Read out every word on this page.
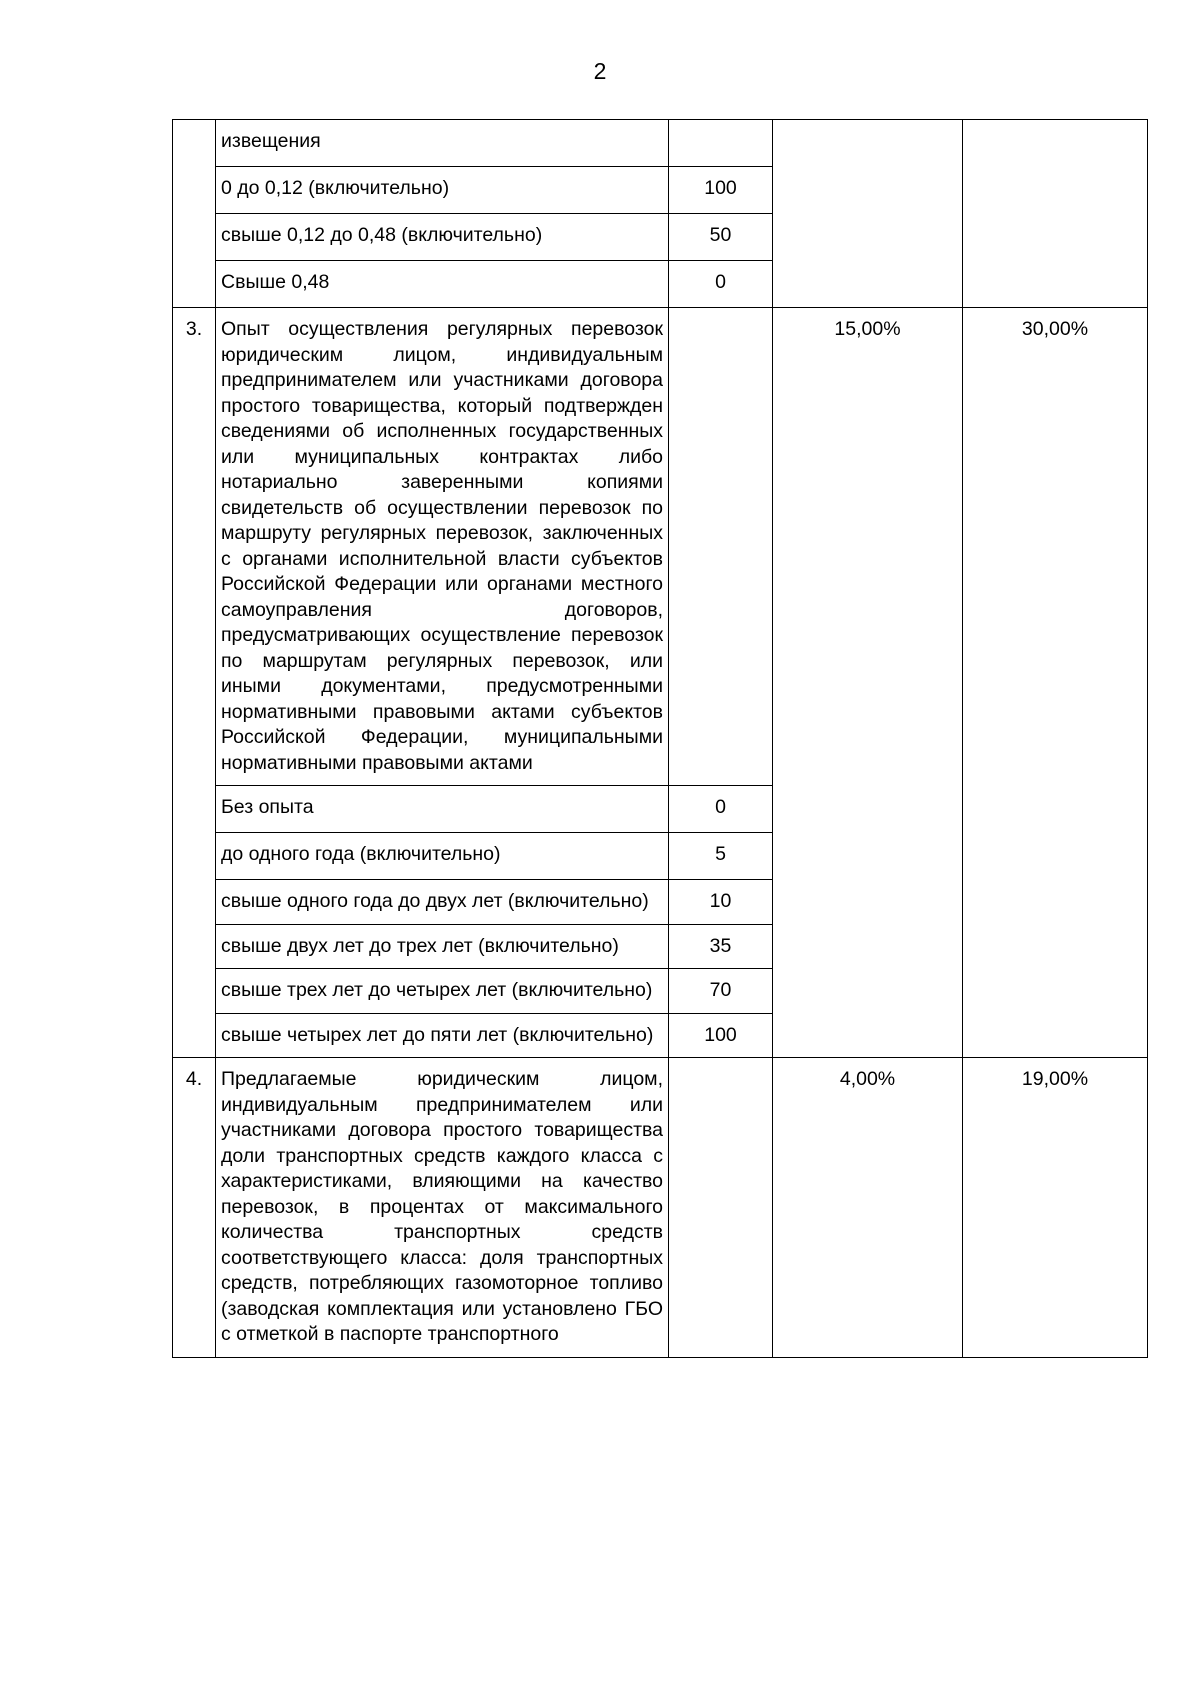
2
	извещения			
	0 до 0,12 (включительно)	100		
	свыше 0,12 до 0,48 (включительно)	50		
	Свыше 0,48	0		
3.	Опыт осуществления регулярных перевозок юридическим лицом, индивидуальным предпринимателем или участниками договора простого товарищества, который подтвержден сведениями об исполненных государственных или муниципальных контрактах либо нотариально заверенными копиями свидетельств об осуществлении перевозок по маршруту регулярных перевозок, заключенных с органами исполнительной власти субъектов Российской Федерации или органами местного самоуправления договоров, предусматривающих осуществление перевозок по маршрутам регулярных перевозок, или иными документами, предусмотренными нормативными правовыми актами субъектов Российской Федерации, муниципальными нормативными правовыми актами		15,00%	30,00%
	Без опыта	0		
	до одного года (включительно)	5		
	свыше одного года до двух лет (включительно)	10		
	свыше двух лет до трех лет (включительно)	35		
	свыше трех лет до четырех лет (включительно)	70		
	свыше четырех лет до пяти лет (включительно)	100		
4.	Предлагаемые юридическим лицом, индивидуальным предпринимателем или участниками договора простого товарищества доли транспортных средств каждого класса с характеристиками, влияющими на качество перевозок, в процентах от максимального количества транспортных средств соответствующего класса: доля транспортных средств, потребляющих газомоторное топливо (заводская комплектация или установлено ГБО с отметкой в паспорте транспортного		4,00%	19,00%
